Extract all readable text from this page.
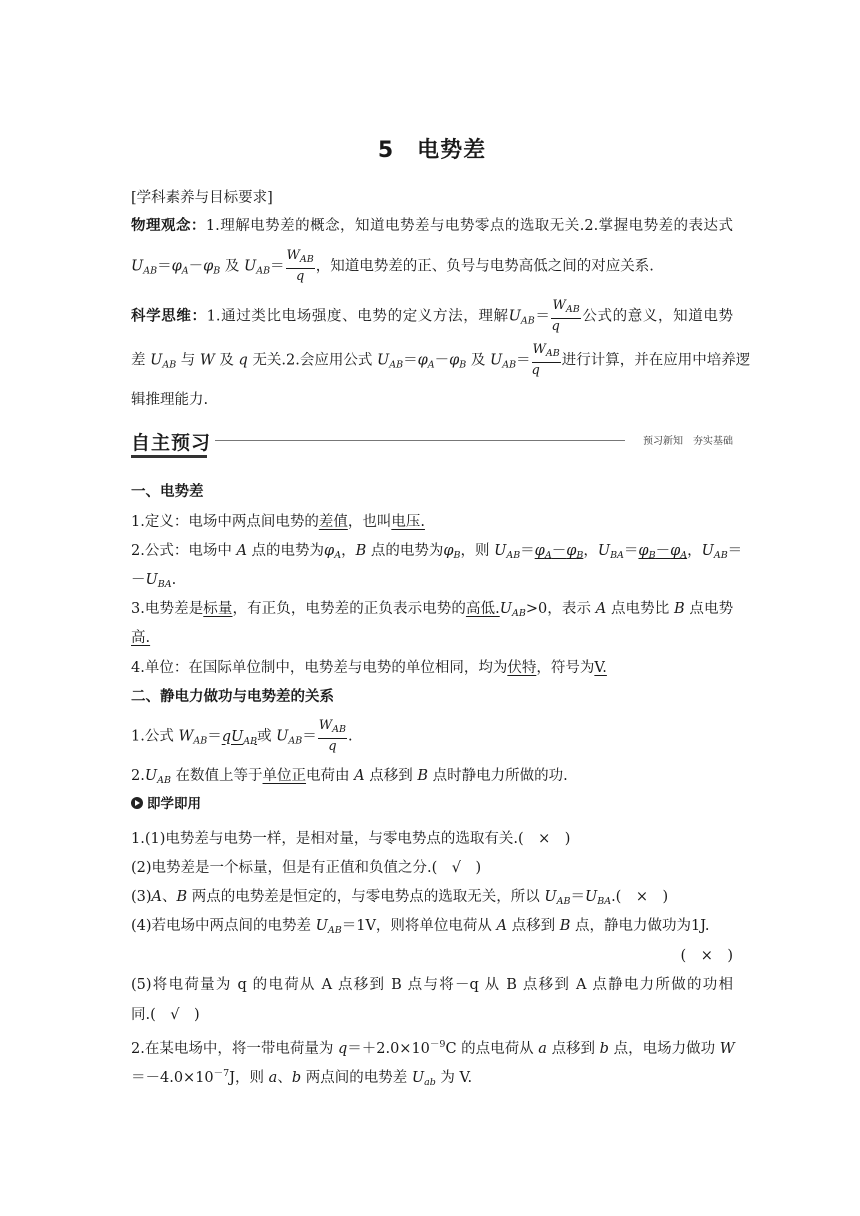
5　电势差
[学科素养与目标要求]
物理观念：1.理解电势差的概念，知道电势差与电势零点的选取无关.2.掌握电势差的表达式
$U_{AB}=\varphi_A-\varphi_B$ 及 $U_{AB}= \frac{W_{AB}}{q}$ ，知道电势差的正、负号与电势高低之间的对应关系.
科学思维：1.通过类比电场强度、电势的定义方法，理解$U_{AB}= \frac{W_{AB}}{q}$ 公式的意义，知道电势
差 $U_{AB}$ 与 W 及 q 无关.2.会应用公式 $U_{AB}=\varphi_A-\varphi_B$ 及 $U_{AB}= \frac{W_{AB}}{q}$ 进行计算，并在应用中培养逻
辑推理能力.
自主预习	预习新知　夯实基础
一、电势差
1.定义：电场中两点间电势的差值，也叫电压.
2.公式：电场中 A 点的电势为$\varphi_A$，B 点的电势为$\varphi_B$，则 $U_{AB}=\varphi_A-\varphi_B$，$U_{BA}=\varphi_B-\varphi_A$，$U_{AB}=$
$-U_{BA}$.
3.电势差是标量，有正负，电势差的正负表示电势的高低$.U_{AB}>0$，表示 A 点电势比 B 点电势
高.
4.单位：在国际单位制中，电势差与电势的单位相同，均为伏特，符号为V.
二、静电力做功与电势差的关系
1.公式 $W_{AB}=qU_{AB}$或 $U_{AB}= \frac{W_{AB}}{q}$ .
$2.U_{AB}$ 在数值上等于单位正电荷由 A 点移到 B 点时静电力所做的功.
即学即用
1.(1)电势差与电势一样，是相对量，与零电势点的选取有关.(　×　)
(2)电势差是一个标量，但是有正值和负值之分.(　√　)
(3)A、B 两点的电势差是恒定的，与零电势点的选取无关，所以 $U_{AB}=U_{BA}$.(　×　)
(4)若电场中两点间的电势差 $U_{AB}=1V$，则将单位电荷从 A 点移到 B 点，静电力做功为1J.
(　×　)
(5)将电荷量为 q 的电荷从 A 点移到 B 点与将－q 从 B 点移到 A 点静电力所做的功相
同.(　√　)
2.在某电场中，将一带电荷量为 $q=+2.0\times 10^{-9}C$ 的点电荷从 a 点移到 b 点，电场力做功 W
$=-4.0\times 10^{-7}J$，则 a、b 两点间的电势差 $U_{ab}$ 为 V.
